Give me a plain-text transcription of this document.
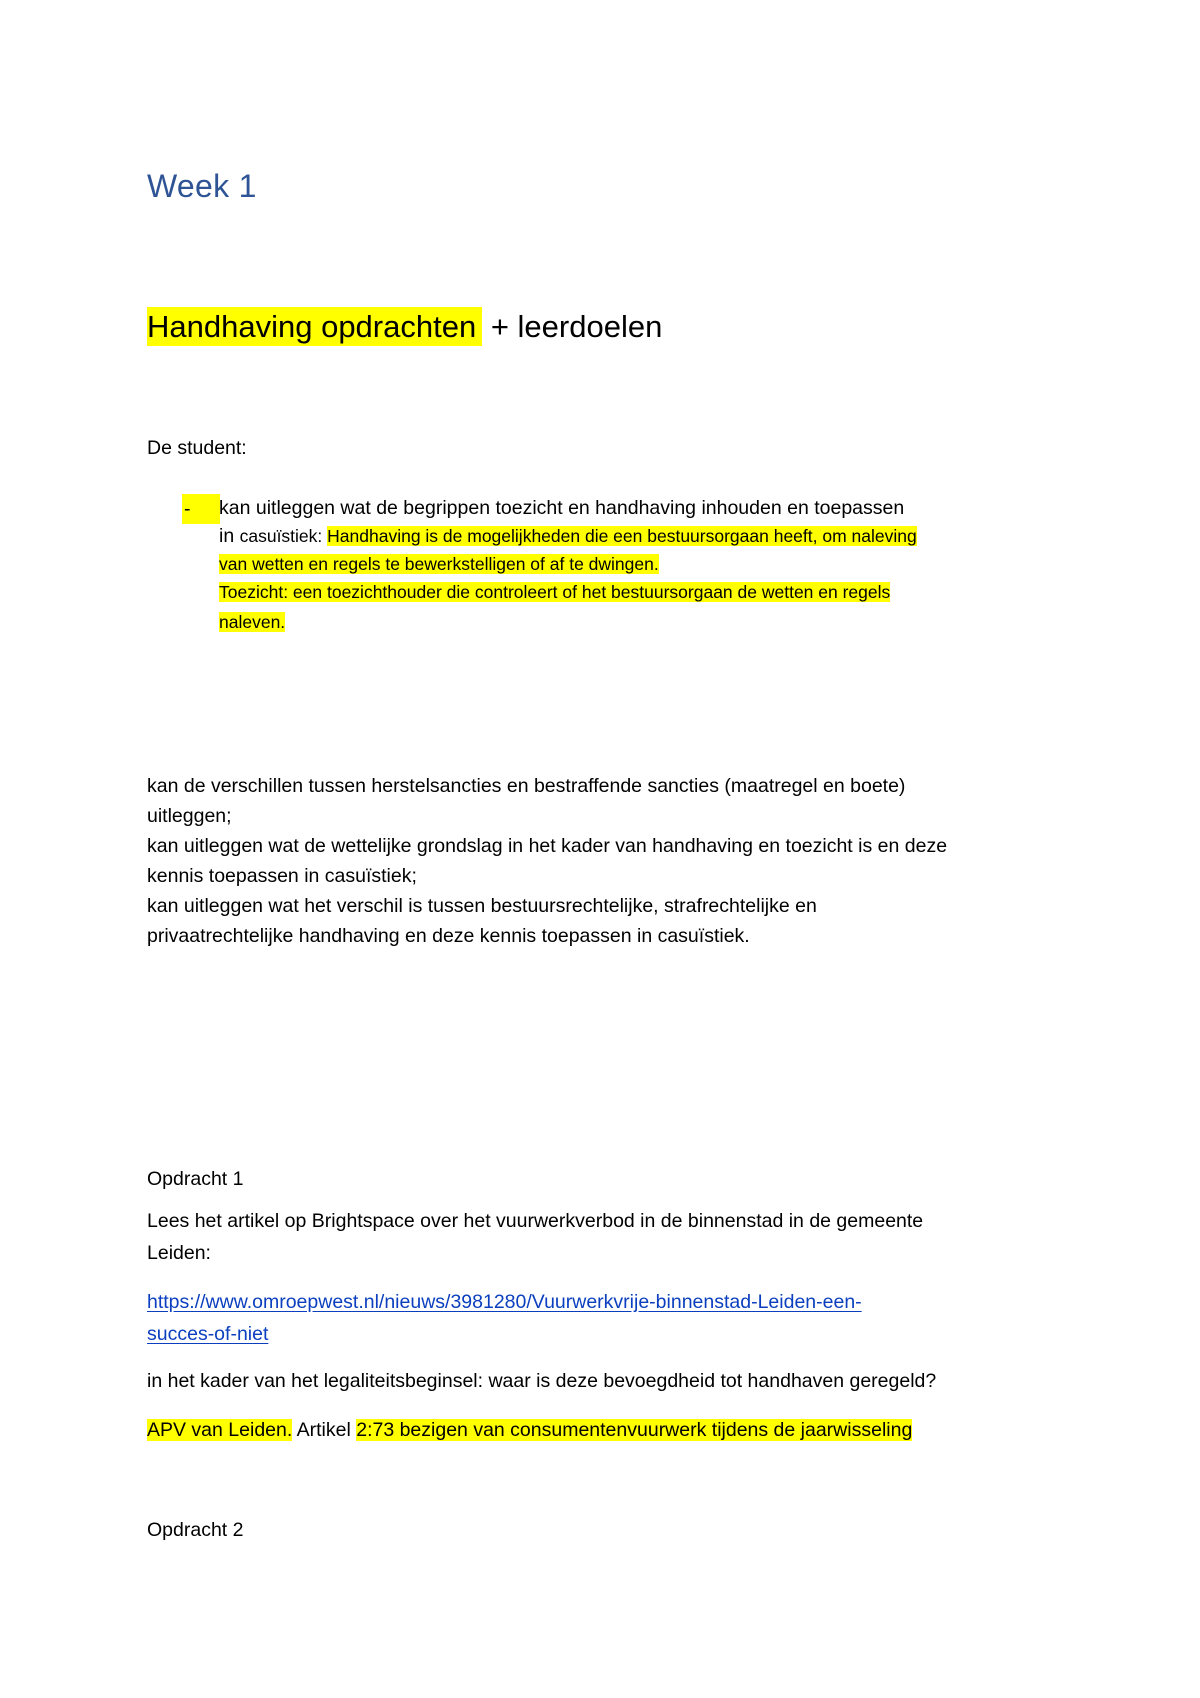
Week 1
Handhaving opdrachten + leerdoelen
De student:
-	kan uitleggen wat de begrippen toezicht en handhaving inhouden en toepassen
in casuïstiek: Handhaving is de mogelijkheden die een bestuursorgaan heeft, om naleving
van wetten en regels te bewerkstelligen of af te dwingen.
Toezicht: een toezichthouder die controleert of het bestuursorgaan de wetten en regels
naleven.
kan de verschillen tussen herstelsancties en bestraffende sancties (maatregel en boete)
uitleggen;
kan uitleggen wat de wettelijke grondslag in het kader van handhaving en toezicht is en deze
kennis toepassen in casuïstiek;
kan uitleggen wat het verschil is tussen bestuursrechtelijke, strafrechtelijke en
privaatrechtelijke handhaving en deze kennis toepassen in casuïstiek.
Opdracht 1
Lees het artikel op Brightspace over het vuurwerkverbod in de binnenstad in de gemeente
Leiden:
https://www.omroepwest.nl/nieuws/3981280/Vuurwerkvrije-binnenstad-Leiden-een-
succes-of-niet
in het kader van het legaliteitsbeginsel: waar is deze bevoegdheid tot handhaven geregeld?
APV van Leiden. Artikel 2:73 bezigen van consumentenvuurwerk tijdens de jaarwisseling
Opdracht 2
